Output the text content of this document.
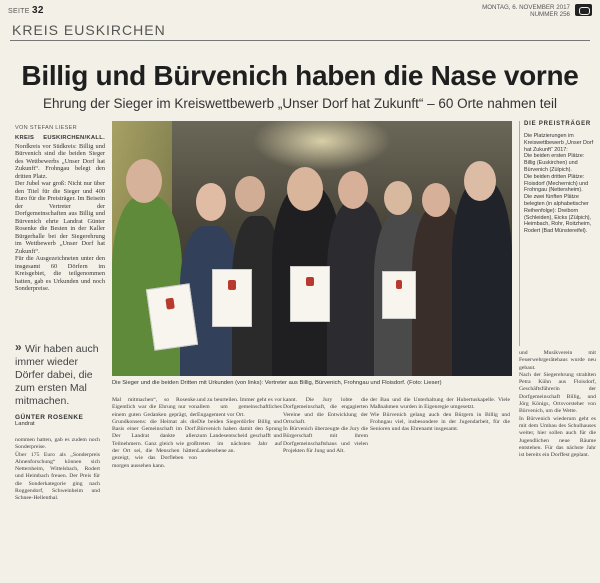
SEITE 32	MONTAG, 6. NOVEMBER 2017
NUMMER 256
KREIS EUSKIRCHEN
Billig und Bürvenich haben die Nase vorne
Ehrung der Sieger im Kreiswettbewerb „Unser Dorf hat Zukunft“ – 60 Orte nahmen teil
VON STEFAN LIESER
KREIS EUSKIRCHEN/KALL. Nordkreis vor Südkreis: Billig und Bürvenich sind die beiden Sieger des Wettbewerbs „Unser Dorf hat Zukunft“. Frohngau belegt den dritten Platz.
Der Jubel war groß: Nicht nur über den Titel für die Sieger und 400 Euro für die Preisträger. Im Beisein der Vertreter der Dorfgemeinschaften aus Billig und Bürvenich ehrte Landrat Günter Rosenke die Besten in der Kaller Bürgerhalle bei der Siegerehrung im Wettbewerb „Unser Dorf hat Zukunft“.
Für die Ausgezeichneten unter den insgesamt 60 Dörfern im Kreisgebiet, die teilgenommen hatten, gab es Urkunden und noch Sonderpreise.
Die Sieger und die beiden Dritten mit Urkunden (von links): Vertreter aus Billig, Bürvenich, Frohngau und Floisdorf. (Foto: Lieser)
» Wir haben auch immer wieder Dörfer dabei, die zum ersten Mal mitmachen.
GÜNTER ROSENKE
Landrat
DIE PREISTRÄGER
Die Platzierungen im Kreiswettbewerb „Unser Dorf hat Zukunft“ 2017:
Die beiden ersten Plätze: Billig (Euskirchen) und Bürvenich (Zülpich).
Die beiden dritten Plätze: Floisdorf (Mechernich) und Frohngau (Nettersheim).
Die zwei fünften Plätze belegten (in alphabetischer Reihenfolge): Dreiborn (Schleiden), Eicks (Zülpich), Heimbach, Rohr, Roitzheim, Rodert (Bad Münstereifel).
nommen hatten, gab es zudem noch Sonderpreise.
Über 175 Euro als „Sonderpreis Ahnenforschung“ können sich Nettersheim, Wittelsbach, Rodert und Heimbach freuen. Der Preis für die Sonderkategorie ging nach Roggendorf, Schweinheim und Schnee-Hellenthal.
Mal mitmachen“, so Rosenke. Eigentlich war die Ehrung nur von einem guten Gedanken geprägt, der Grundkonsens: die Heimat als die Basis einer Gemeinschaft im Dorf. Der Landrat dankte allen Teilnehmern. Ganz gleich wie groß der Ort sei, die Menschen hätten gezeigt, wie das Dorfleben von morgen aussehen kann.
und zu beurteilen. Immer geht es vor allem um gemeinschaftliches Engagement vor Ort.
Die beiden Siegerdörfer Billig und Bürvenich haben damit den Sprung zum Landesentscheid geschafft und treten im nächsten Jahr auf Landesebene an.
kannt. Die Jury lobte die Dorfgemeinschaft, die engagierten Vereine und die Entwicklung der Ortschaft.
In Bürvenich überzeugte die Jury die Bürgerschaft mit ihrem Dorfgemeinschaftshaus und vielen Projekten für Jung und Alt.
der Bau und die Unterhaltung der Hubertuskapelle. Viele Maßnahmen wurden in Eigenregie umgesetzt.
Wie Bürvenich gelang auch den Bürgern in Billig und Frohngau viel, insbesondere in der Jugendarbeit, für die Senioren und das Ehrenamt insgesamt.
und Musikverein mit Feuerwehrgerätehaus wurde neu gebaut.
Nach der Siegerehrung strahlten Petra Kühn aus Floisdorf, Geschäftsführerin der Dorfgemeinschaft Billig, und Jörg Königs, Ortsvorsteher von Bürvenich, um die Wette.
In Bürvenich wiederum geht es mit dem Umbau des Schulhauses weiter, hier sollen auch für die Jugendlichen neue Räume entstehen. Für das nächste Jahr ist bereits ein Dorffest geplant.
